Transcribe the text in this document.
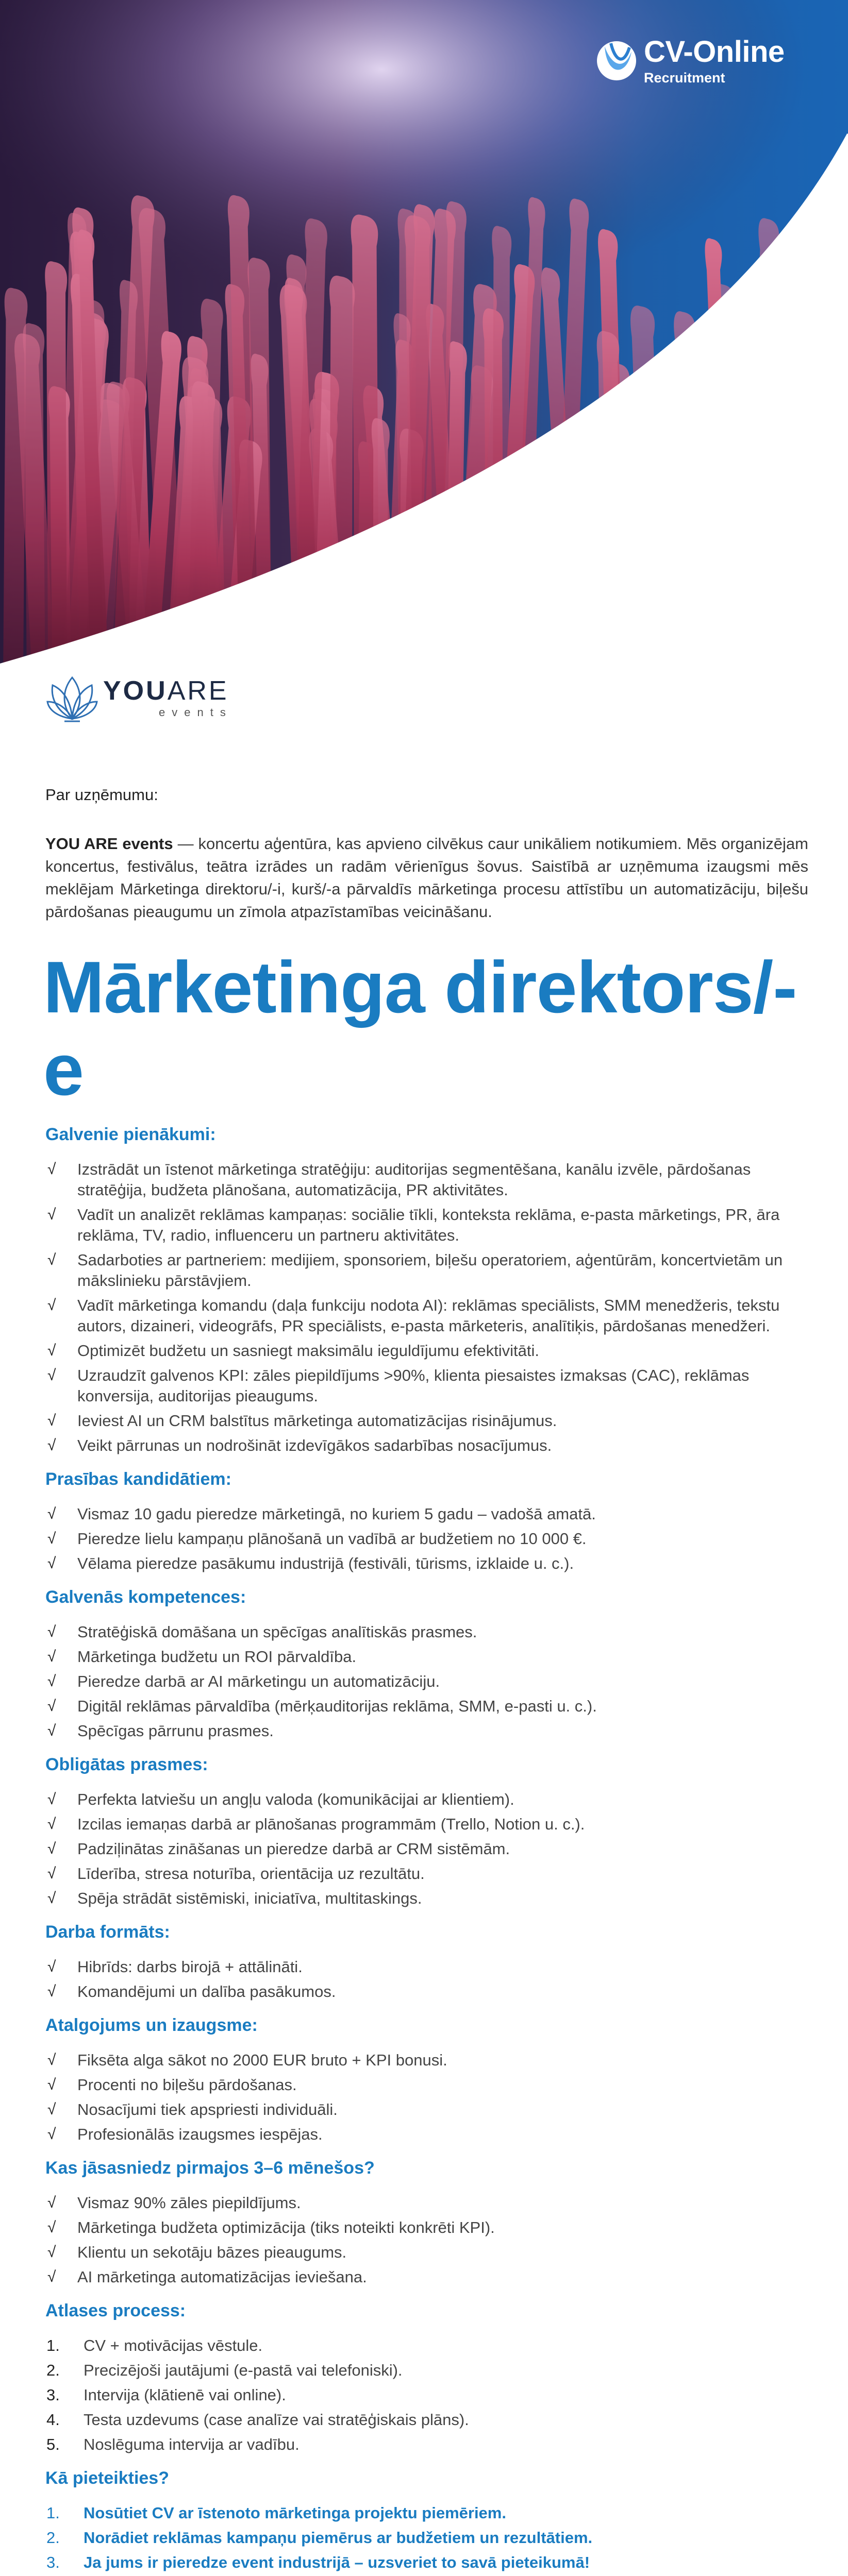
CV-Online
Recruitment
YOUARE
events
Par uzņēmumu:

YOU ARE events — koncertu aģentūra, kas apvieno cilvēkus caur unikāliem notikumiem. Mēs organizējam koncertus, festivālus, teātra izrādes un radām vērienīgus šovus. Saistībā ar uzņēmuma izaugsmi mēs meklējam Mārketinga direktoru/-i, kurš/-a pārvaldīs mārketinga procesu attīstību un automatizāciju, biļešu pārdošanas pieaugumu un zīmola atpazīstamības veicināšanu.

Mārketinga direktors/-e
Galvenie pienākumi:
√ Izstrādāt un īstenot mārketinga stratēģiju: auditorijas segmentēšana, kanālu izvēle, pārdošanas stratēģija, budžeta plānošana, automatizācija, PR aktivitātes.
√ Vadīt un analizēt reklāmas kampaņas: sociālie tīkli, konteksta reklāma, e-pasta mārketings, PR, āra reklāma, TV, radio, influenceru un partneru aktivitātes.
√ Sadarboties ar partneriem: medijiem, sponsoriem, biļešu operatoriem, aģentūrām, koncertvietām un mākslinieku pārstāvjiem.
√ Vadīt mārketinga komandu (daļa funkciju nodota AI): reklāmas speciālists, SMM menedžeris, tekstu autors, dizaineri, videogrāfs, PR speciālists, e-pasta mārketeris, analītiķis, pārdošanas menedžeri.
√ Optimizēt budžetu un sasniegt maksimālu ieguldījumu efektivitāti.
√ Uzraudzīt galvenos KPI: zāles piepildījums >90%, klienta piesaistes izmaksas (CAC), reklāmas konversija, auditorijas pieaugums.
√ Ieviest AI un CRM balstītus mārketinga automatizācijas risinājumus.
√ Veikt pārrunas un nodrošināt izdevīgākos sadarbības nosacījumus.
Prasības kandidātiem:
√ Vismaz 10 gadu pieredze mārketingā, no kuriem 5 gadu – vadošā amatā.
√ Pieredze lielu kampaņu plānošanā un vadībā ar budžetiem no 10 000 €.
√ Vēlama pieredze pasākumu industrijā (festivāli, tūrisms, izklaide u. c.).
Galvenās kompetences:
√ Stratēģiskā domāšana un spēcīgas analītiskās prasmes.
√ Mārketinga budžetu un ROI pārvaldība.
√ Pieredze darbā ar AI mārketingu un automatizāciju.
√ Digitāl reklāmas pārvaldība (mērķauditorijas reklāma, SMM, e-pasti u. c.).
√ Spēcīgas pārrunu prasmes.
Obligātas prasmes:
√ Perfekta latviešu un angļu valoda (komunikācijai ar klientiem).
√ Izcilas iemaņas darbā ar plānošanas programmām (Trello, Notion u. c.).
√ Padziļinātas zināšanas un pieredze darbā ar CRM sistēmām.
√ Līderība, stresa noturība, orientācija uz rezultātu.
√ Spēja strādāt sistēmiski, iniciatīva, multitaskings.
Darba formāts:
√ Hibrīds: darbs birojā + attālināti.
√ Komandējumi un dalība pasākumos.
Atalgojums un izaugsme:
√ Fiksēta alga sākot no 2000 EUR bruto + KPI bonusi.
√ Procenti no biļešu pārdošanas.
√ Nosacījumi tiek apspriesti individuāli.
√ Profesionālās izaugsmes iespējas.
Kas jāsasniedz pirmajos 3–6 mēnešos?
√ Vismaz 90% zāles piepildījums.
√ Mārketinga budžeta optimizācija (tiks noteikti konkrēti KPI).
√ Klientu un sekotāju bāzes pieaugums.
√ AI mārketinga automatizācijas ieviešana.
Atlases process:
1. CV + motivācijas vēstule.
2. Precizējoši jautājumi (e-pastā vai telefoniski).
3. Intervija (klātienē vai online).
4. Testa uzdevums (case analīze vai stratēģiskais plāns).
5. Noslēguma intervija ar vadību.
Kā pieteikties?
1. Nosūtiet CV ar īstenoto mārketinga projektu piemēriem.
2. Norādiet reklāmas kampaņu piemērus ar budžetiem un rezultātiem.
3. Ja jums ir pieredze event industrijā – uzsveriet to savā pieteikumā!
